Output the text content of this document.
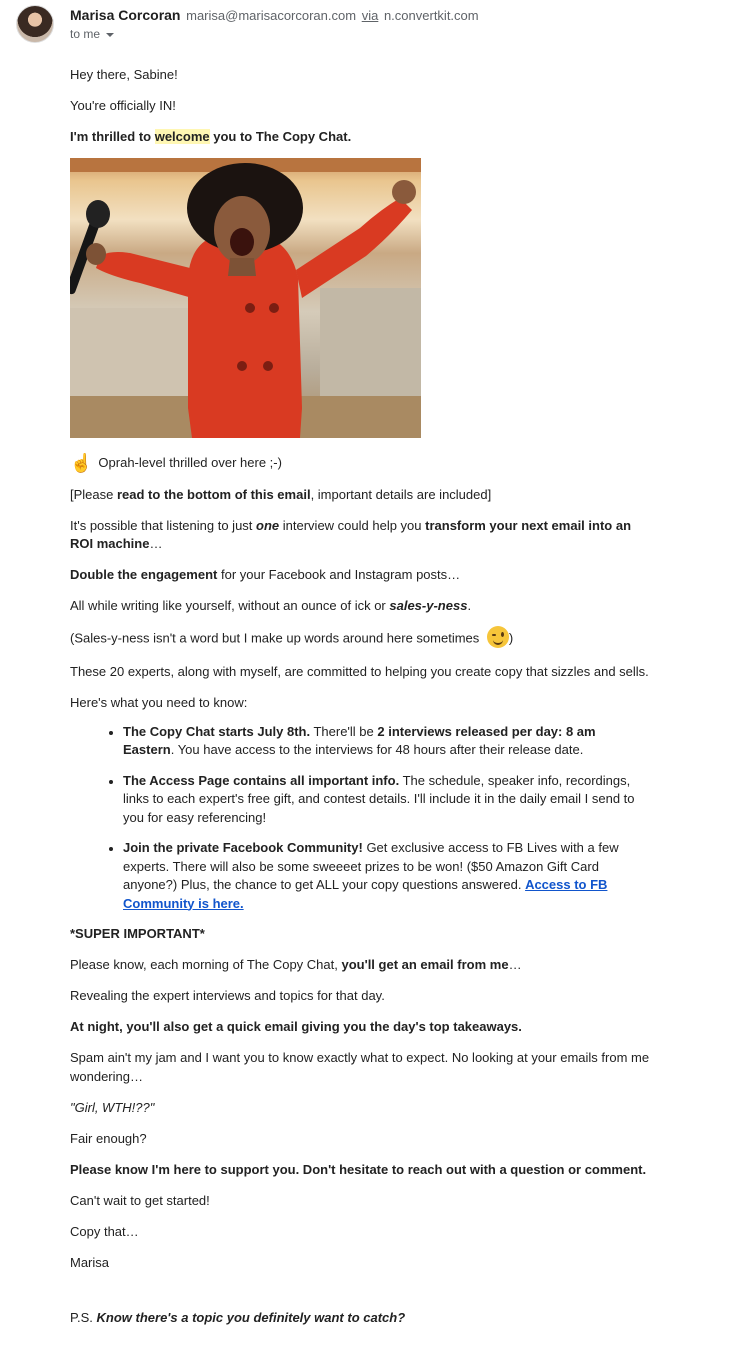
Marisa Corcoran marisa@marisacorcoran.com via n.convertkit.com
to me
Hey there, Sabine!
You're officially IN!
I'm thrilled to welcome you to The Copy Chat.
☝️ Oprah-level thrilled over here ;-)
[Please read to the bottom of this email, important details are included]
It's possible that listening to just one interview could help you transform your next email into an ROI machine…
Double the engagement for your Facebook and Instagram posts…
All while writing like yourself, without an ounce of ick or sales-y-ness.
(Sales-y-ness isn't a word but I make up words around here sometimes
)
These 20 experts, along with myself, are committed to helping you create copy that sizzles and sells.
Here's what you need to know:
• The Copy Chat starts July 8th. There'll be 2 interviews released per day: 8 am Eastern. You have access to the interviews for 48 hours after their release date.
• The Access Page contains all important info. The schedule, speaker info, recordings, links to each expert's free gift, and contest details. I'll include it in the daily email I send to you for easy referencing!
• Join the private Facebook Community! Get exclusive access to FB Lives with a few experts. There will also be some sweeeet prizes to be won! ($50 Amazon Gift Card anyone?) Plus, the chance to get ALL your copy questions answered. Access to FB Community is here.
*SUPER IMPORTANT*
Please know, each morning of The Copy Chat, you'll get an email from me…
Revealing the expert interviews and topics for that day.
At night, you'll also get a quick email giving you the day's top takeaways.
Spam ain't my jam and I want you to know exactly what to expect. No looking at your emails from me wondering…
"Girl, WTH!??"
Fair enough?
Please know I'm here to support you. Don't hesitate to reach out with a question or comment.
Can't wait to get started!
Copy that…
Marisa
P.S. Know there's a topic you definitely want to catch?
